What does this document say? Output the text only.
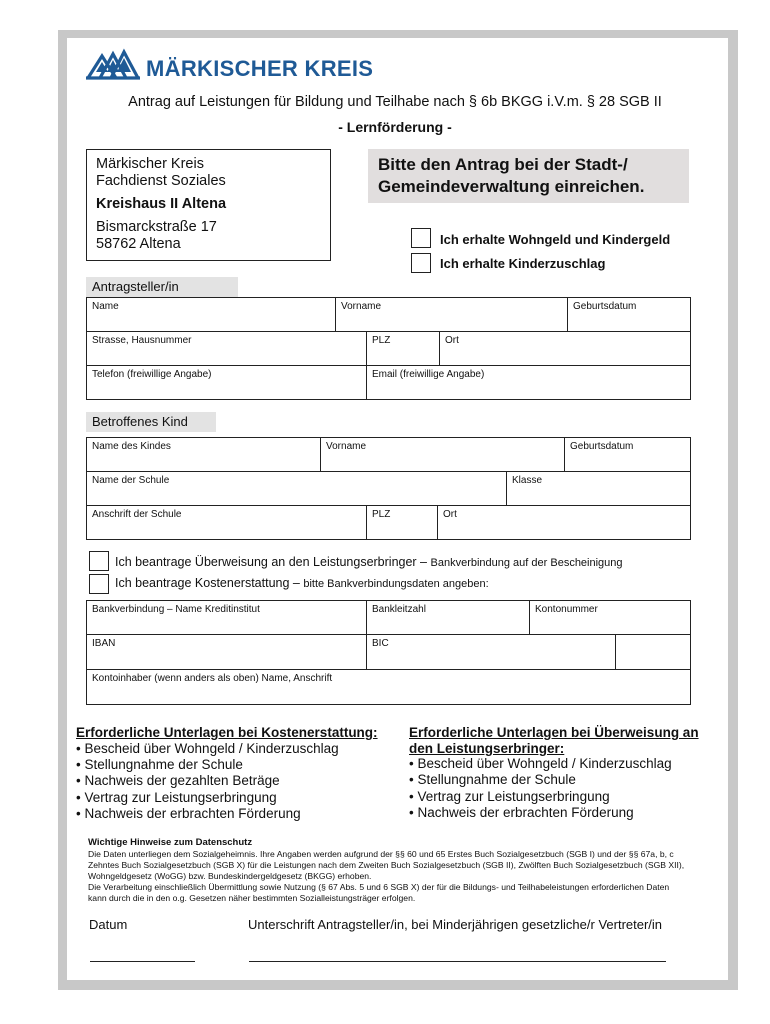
MÄRKISCHER KREIS
Antrag auf Leistungen für Bildung und Teilhabe nach § 6b BKGG i.V.m. § 28 SGB II
- Lernförderung -
Märkischer Kreis
Fachdienst Soziales
Kreishaus II Altena
Bismarckstraße 17
58762 Altena
Bitte den Antrag bei der Stadt-/
Gemeindeverwaltung einreichen.
Ich erhalte Wohngeld und Kindergeld
Ich erhalte Kinderzuschlag
Antragsteller/in
Name	Vorname	Geburtsdatum
Strasse, Hausnummer	PLZ	Ort
Telefon (freiwillige Angabe)	Email (freiwillige Angabe)
Betroffenes Kind
Name des Kindes	Vorname	Geburtsdatum
Name der Schule	Klasse
Anschrift der Schule	PLZ	Ort
Ich beantrage Überweisung an den Leistungserbringer – Bankverbindung auf der Bescheinigung
Ich beantrage Kostenerstattung – bitte Bankverbindungsdaten angeben:
Bankverbindung – Name Kreditinstitut	Bankleitzahl	Kontonummer
IBAN	BIC
Kontoinhaber (wenn anders als oben) Name, Anschrift
Erforderliche Unterlagen bei Kostenerstattung:
• Bescheid über Wohngeld / Kinderzuschlag
• Stellungnahme der Schule
• Nachweis der gezahlten Beträge
• Vertrag zur Leistungserbringung
• Nachweis der erbrachten Förderung
Erforderliche Unterlagen bei Überweisung an
den Leistungserbringer:
• Bescheid über Wohngeld / Kinderzuschlag
• Stellungnahme der Schule
• Vertrag zur Leistungserbringung
• Nachweis der erbrachten Förderung
Wichtige Hinweise zum Datenschutz
Die Daten unterliegen dem Sozialgeheimnis. Ihre Angaben werden aufgrund der §§ 60 und 65 Erstes Buch Sozialgesetzbuch (SGB I) und der §§ 67a, b, c
Zehntes Buch Sozialgesetzbuch (SGB X) für die Leistungen nach dem Zweiten Buch Sozialgesetzbuch (SGB II), Zwölften Buch Sozialgesetzbuch (SGB XII),
Wohngeldgesetz (WoGG) bzw. Bundeskindergeldgesetz (BKGG) erhoben.
Die Verarbeitung einschließlich Übermittlung sowie Nutzung (§ 67 Abs. 5 und 6 SGB X) der für die Bildungs- und Teilhabeleistungen erforderlichen Daten
kann durch die in den o.g. Gesetzen näher bestimmten Sozialleistungsträger erfolgen.
Datum	Unterschrift Antragsteller/in, bei Minderjährigen gesetzliche/r Vertreter/in
